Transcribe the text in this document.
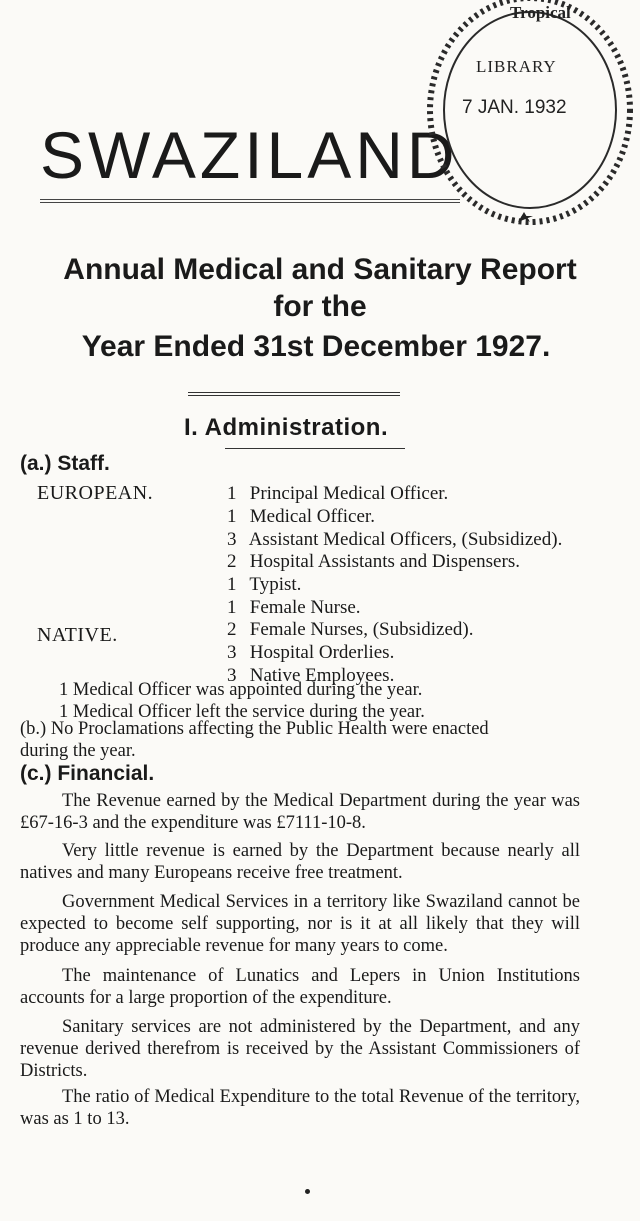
SWAZILAND
Tropical
LIBRARY
7 JAN. 1932
Annual Medical and Sanitary Report
for the
Year Ended 31st December 1927.
I. Administration.
(a.) Staff.
EUROPEAN.
NATIVE.
1 Principal Medical Officer.
1 Medical Officer.
3 Assistant Medical Officers, (Subsidized).
2 Hospital Assistants and Dispensers.
1 Typist.
1 Female Nurse.
2 Female Nurses, (Subsidized).
3 Hospital Orderlies.
3 Native Employees.
1 Medical Officer was appointed during the year.
1 Medical Officer left the service during the year.
(b.) No Proclamations affecting the Public Health were enacted
during the year.
(c.) Financial.

The Revenue earned by the Medical Department during the year was £67-16-3 and the expenditure was £7111-10-8.

Very little revenue is earned by the Department because nearly all natives and many Europeans receive free treatment.

Government Medical Services in a territory like Swaziland cannot be expected to become self supporting, nor is it at all likely that they will produce any appreciable revenue for many years to come.

The maintenance of Lunatics and Lepers in Union Institutions accounts for a large proportion of the expenditure.

Sanitary services are not administered by the Department, and any revenue derived therefrom is received by the Assistant Commissioners of Districts.

The ratio of Medical Expenditure to the total Revenue of the territory, was as 1 to 13.
